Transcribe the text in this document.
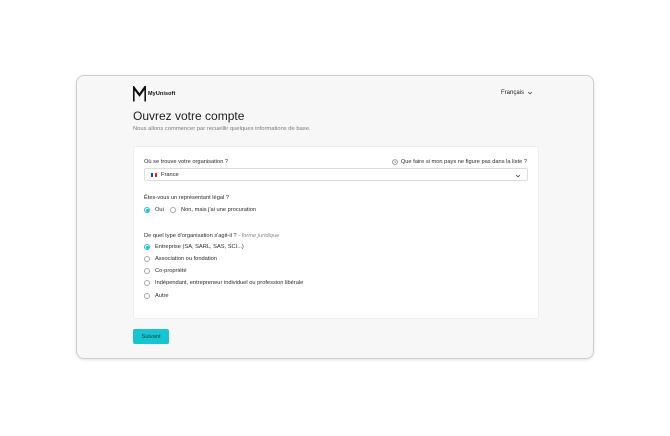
MyUnisoft	Français
Ouvrez votre compte

Nous allons commencer par recueillir quelques informations de base.

Où se trouve votre organisation ?	Que faire si mon pays ne figure pas dans la liste ?
France
Êtes-vous un représentant légal ?
Oui	Non, mais j'ai une procuration
De quel type d'organisation s'agit-il ? - forme juridique
Entreprise (SA, SARL, SAS, SCI...)
Association ou fondation
Co-propriété
Indépendant, entrepreneur individuel ou profession libérale
Autre
Suivant
